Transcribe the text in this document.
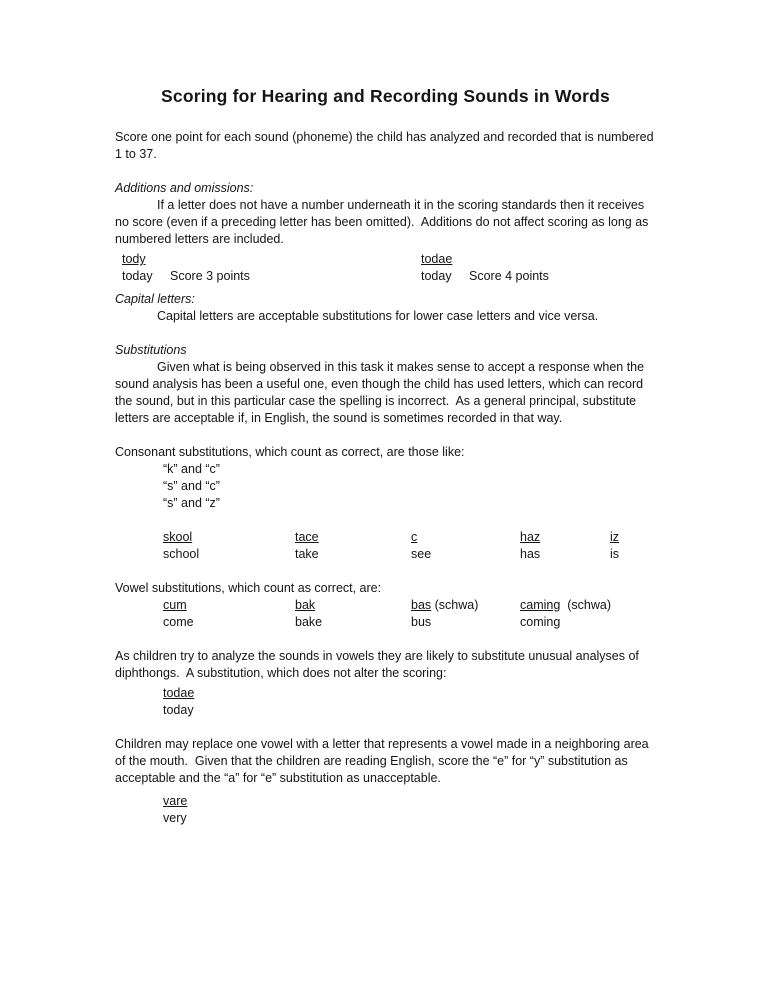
Scoring for Hearing and Recording Sounds in Words

Score one point for each sound (phoneme) the child has analyzed and recorded that is numbered 1 to 37.

Additions and omissions:

If a letter does not have a number underneath it in the scoring standards then it receives no score (even if a preceding letter has been omitted).  Additions do not affect scoring as long as numbered letters are included.

tody
today Score 3 points
todae
today Score 4 points
Capital letters:

Capital letters are acceptable substitutions for lower case letters and vice versa.

Substitutions

Given what is being observed in this task it makes sense to accept a response when the sound analysis has been a useful one, even though the child has used letters, which can record the sound, but in this particular case the spelling is incorrect.  As a general principal, substitute letters are acceptable if, in English, the sound is sometimes recorded in that way.

Consonant substitutions, which count as correct, are those like:

“k” and “c”
“s” and “c”
“s” and “z”
skool	tace	c	haz	iz
school	take	see	has	is

Vowel substitutions, which count as correct, are:

cum	bak	bas (schwa)	caming  (schwa)
come	bake	bus	coming

As children try to analyze the sounds in vowels they are likely to substitute unusual analyses of diphthongs.  A substitution, which does not alter the scoring:

todae
today

Children may replace one vowel with a letter that represents a vowel made in a neighboring area of the mouth.  Given that the children are reading English, score the “e” for “y” substitution as acceptable and the “a” for “e” substitution as unacceptable.

vare
very
